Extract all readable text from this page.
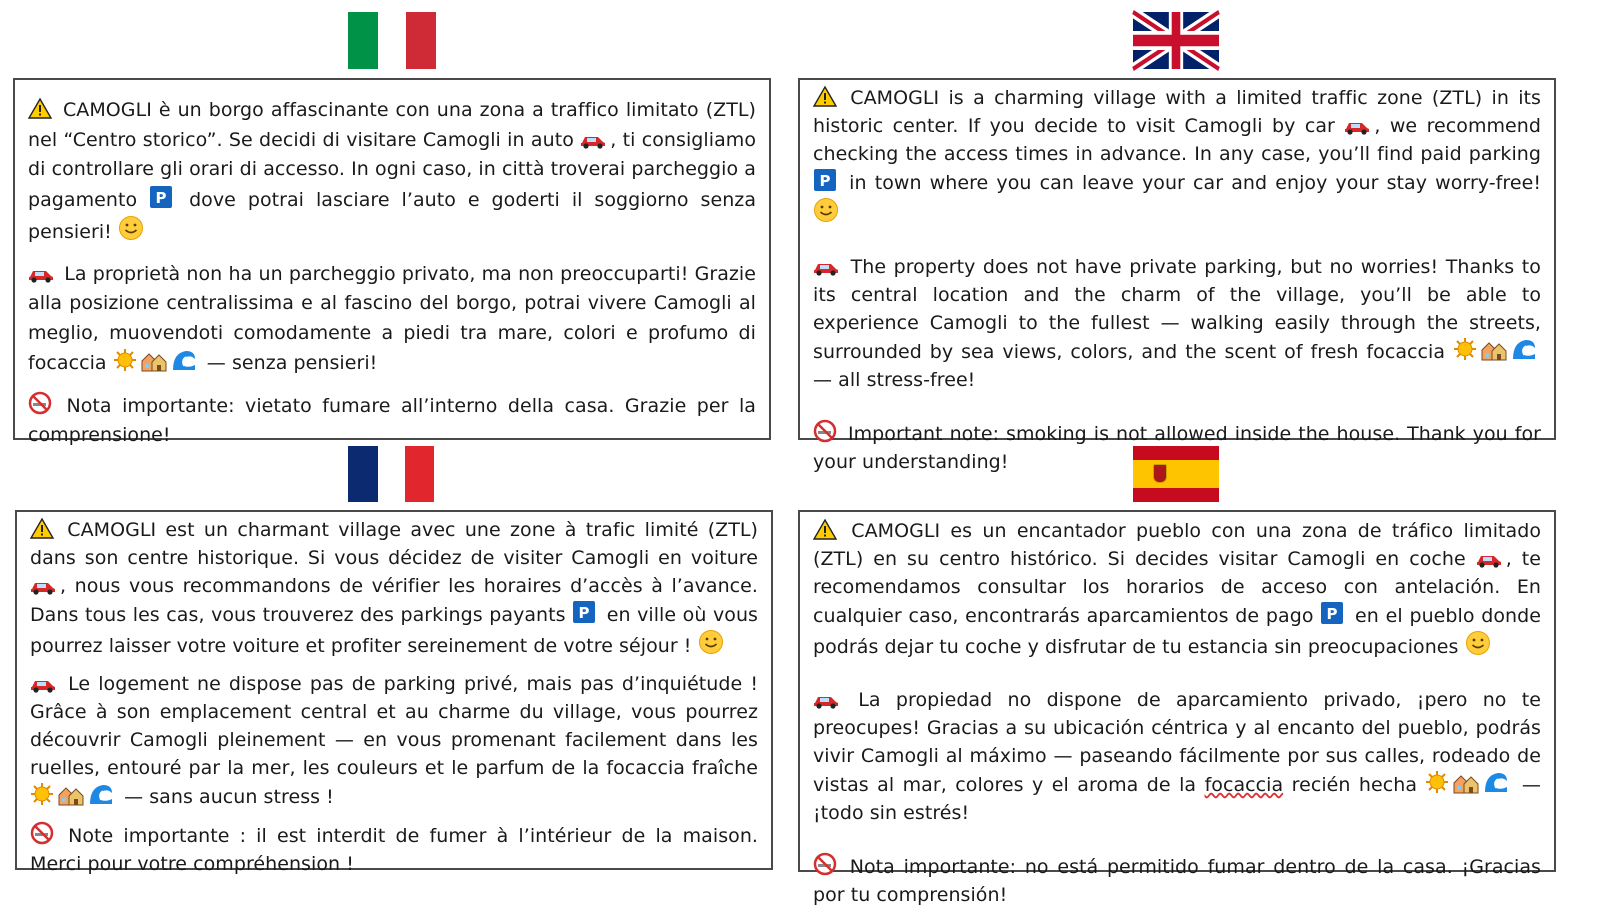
CAMOGLI è un borgo affascinante con una zona a traffico limitato (ZTL) nel “Centro storico”. Se decidi di visitare Camogli in auto
, ti consigliamo di controllare gli orari di accesso. In ogni caso, in città troverai parcheggio a pagamento P dove potrai lasciare l’auto e goderti il soggiorno senza pensieri!

La proprietà non ha un parcheggio privato, ma non preoccuparti! Grazie alla posizione centralissima e al fascino del borgo, potrai vivere Camogli al meglio, muovendoti comodamente a piedi tra mare, colori e profumo di focaccia	— senza pensieri!

Nota importante: vietato fumare all’interno della casa. Grazie per la comprensione!

CAMOGLI is a charming village with a limited traffic zone (ZTL) in its historic center. If you decide to visit Camogli by car
, we recommend checking the access times in advance. In any case, you’ll find paid parking
P in town where you can leave your car and enjoy your stay worry-free!

The property does not have private parking, but no worries! Thanks to its central location and the charm of the village, you’ll be able to experience Camogli to the fullest — walking easily through the streets, surrounded by sea views, colors, and the scent of fresh focaccia
— all stress-free!

Important note: smoking is not allowed inside the house. Thank you for your understanding!

CAMOGLI est un charmant village avec une zone à trafic limité (ZTL) dans son centre historique. Si vous décidez de visiter Camogli en voiture
, nous vous recommandons de vérifier les horaires d’accès à l’avance. Dans tous les cas, vous trouverez des parkings payants P en ville où vous pourrez laisser votre voiture et profiter sereinement de votre séjour !

Le logement ne dispose pas de parking privé, mais pas d’inquiétude ! Grâce à son emplacement central et au charme du village, vous pourrez découvrir Camogli pleinement — en vous promenant facilement dans les ruelles, entouré par la mer, les couleurs et le parfum de la focaccia fraîche
— sans aucun stress !

Note importante : il est interdit de fumer à l’intérieur de la maison. Merci pour votre compréhension !

CAMOGLI es un encantador pueblo con una zona de tráfico limitado (ZTL) en su centro histórico. Si decides visitar Camogli en coche
, te recomendamos consultar los horarios de acceso con antelación. En cualquier caso, encontrarás aparcamientos de pago P en el pueblo donde podrás dejar tu coche y disfrutar de tu estancia sin preocupaciones

La propiedad no dispone de aparcamiento privado, ¡pero no te preocupes! Gracias a su ubicación céntrica y al encanto del pueblo, podrás vivir Camogli al máximo — paseando fácilmente por sus calles, rodeado de vistas al mar, colores y el aroma de la focaccia recién hecha	— ¡todo sin estrés!

Nota importante: no está permitido fumar dentro de la casa. ¡Gracias por tu comprensión!
